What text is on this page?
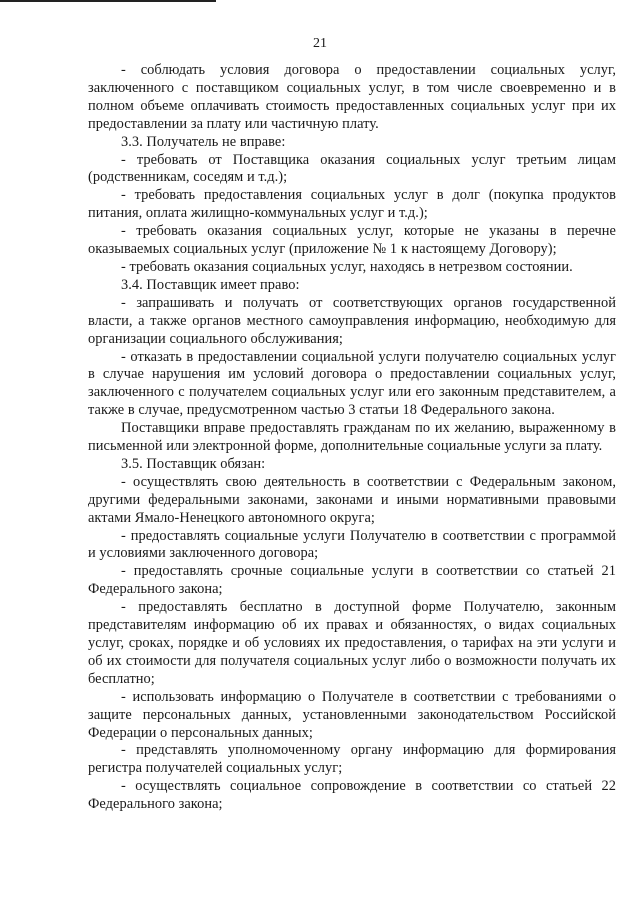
21

- соблюдать условия договора о предоставлении социальных услуг, заключенного с поставщиком социальных услуг, в том числе своевременно и в полном объеме оплачивать стоимость предоставленных социальных услуг при их предоставлении за плату или частичную плату.

3.3. Получатель не вправе:

- требовать от Поставщика оказания социальных услуг третьим лицам (родственникам, соседям и т.д.);

- требовать предоставления социальных услуг в долг (покупка продуктов питания, оплата жилищно-коммунальных услуг и т.д.);

- требовать оказания социальных услуг, которые не указаны в перечне оказываемых социальных услуг (приложение № 1 к настоящему Договору);

- требовать оказания социальных услуг, находясь в нетрезвом состоянии.

3.4. Поставщик имеет право:

- запрашивать и получать от соответствующих органов государственной власти, а также органов местного самоуправления информацию, необходимую для организации социального обслуживания;

- отказать в предоставлении социальной услуги получателю социальных услуг в случае нарушения им условий договора о предоставлении социальных услуг, заключенного с получателем социальных услуг или его законным представителем, а также в случае, предусмотренном частью 3 статьи 18 Федерального закона.

Поставщики вправе предоставлять гражданам по их желанию, выраженному в письменной или электронной форме, дополнительные социальные услуги за плату.

3.5. Поставщик обязан:

- осуществлять свою деятельность в соответствии с Федеральным законом, другими федеральными законами, законами и иными нормативными правовыми актами Ямало-Ненецкого автономного округа;

- предоставлять социальные услуги Получателю в соответствии с программой и условиями заключенного договора;

- предоставлять срочные социальные услуги в соответствии со статьей 21 Федерального закона;

- предоставлять бесплатно в доступной форме Получателю, законным представителям информацию об их правах и обязанностях, о видах социальных услуг, сроках, порядке и об условиях их предоставления, о тарифах на эти услуги и об их стоимости для получателя социальных услуг либо о возможности получать их бесплатно;

- использовать информацию о Получателе в соответствии с требованиями о защите персональных данных, установленными законодательством Российской Федерации о персональных данных;

- представлять уполномоченному органу информацию для формирования регистра получателей социальных услуг;

- осуществлять социальное сопровождение в соответствии со статьей 22 Федерального закона;
